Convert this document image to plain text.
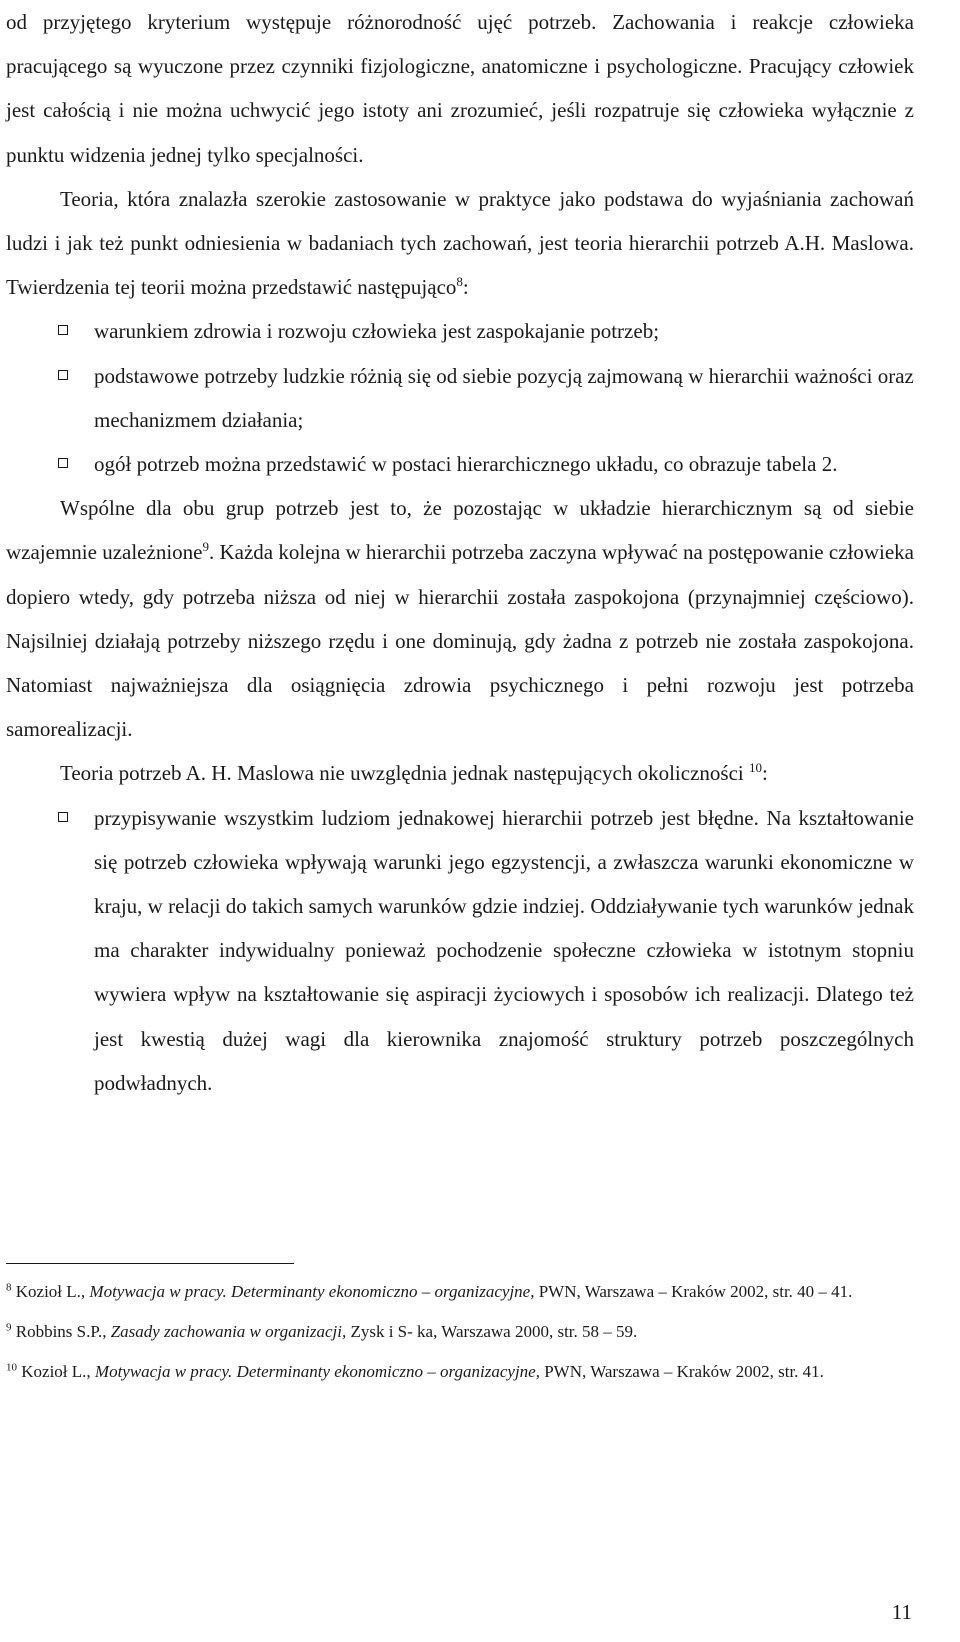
od przyjętego kryterium występuje różnorodność ujęć potrzeb. Zachowania i reakcje człowieka pracującego są wyuczone przez czynniki fizjologiczne, anatomiczne i psychologiczne. Pracujący człowiek jest całością i nie można uchwycić jego istoty ani zrozumieć, jeśli rozpatruje się człowieka wyłącznie z punktu widzenia jednej tylko specjalności.

Teoria, która znalazła szerokie zastosowanie w praktyce jako podstawa do wyjaśniania zachowań ludzi i jak też punkt odniesienia w badaniach tych zachowań, jest teoria hierarchii potrzeb A.H. Maslowa. Twierdzenia tej teorii można przedstawić następująco$^8$:

warunkiem zdrowia i rozwoju człowieka jest zaspokajanie potrzeb;
podstawowe potrzeby ludzkie różnią się od siebie pozycją zajmowaną w hierarchii ważności oraz mechanizmem działania;
ogół potrzeb można przedstawić w postaci hierarchicznego układu, co obrazuje tabela 2.

Wspólne dla obu grup potrzeb jest to, że pozostając w układzie hierarchicznym są od siebie wzajemnie uzależnione$^9$. Każda kolejna w hierarchii potrzeba zaczyna wpływać na postępowanie człowieka dopiero wtedy, gdy potrzeba niższa od niej w hierarchii została zaspokojona (przynajmniej częściowo). Najsilniej działają potrzeby niższego rzędu i one dominują, gdy żadna z potrzeb nie została zaspokojona. Natomiast najważniejsza dla osiągnięcia zdrowia psychicznego i pełni rozwoju jest potrzeba samorealizacji.

Teoria potrzeb A. H. Maslowa nie uwzględnia jednak następujących okoliczności $^{10}$:

przypisywanie wszystkim ludziom jednakowej hierarchii potrzeb jest błędne. Na kształtowanie się potrzeb człowieka wpływają warunki jego egzystencji, a zwłaszcza warunki ekonomiczne w kraju, w relacji do takich samych warunków gdzie indziej. Oddziaływanie tych warunków jednak ma charakter indywidualny ponieważ pochodzenie społeczne człowieka w istotnym stopniu wywiera wpływ na kształtowanie się aspiracji życiowych i sposobów ich realizacji. Dlatego też jest kwestią dużej wagi dla kierownika znajomość struktury potrzeb poszczególnych podwładnych.

$^8$ Kozioł L., Motywacja w pracy. Determinanty ekonomiczno – organizacyjne, PWN, Warszawa – Kraków 2002, str. 40 – 41.

$^9$ Robbins S.P., Zasady zachowania w organizacji, Zysk i S- ka, Warszawa 2000, str. 58 – 59.

$^{10}$ Kozioł L., Motywacja w pracy. Determinanty ekonomiczno – organizacyjne, PWN, Warszawa – Kraków 2002, str. 41.

11
